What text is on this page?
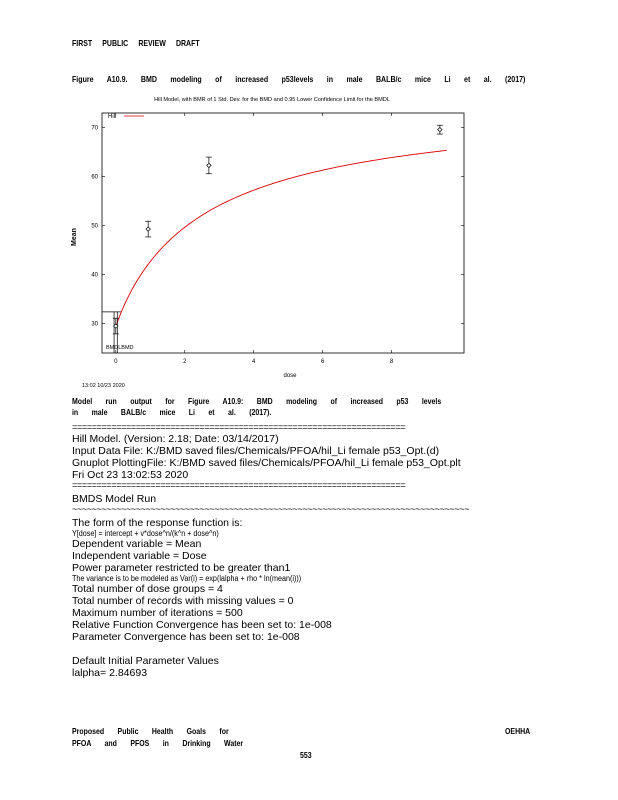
FIRST PUBLIC REVIEW DRAFT
Figure A10.9. BMD modeling of increased p53levels in male BALB/c mice Li et al. (2017)
Hill Model, with BMR of 1 Std. Dev. for the BMD and 0.95 Lower Confidence Limit for the BMDL
Hill
30
40
50
60
70
0	2	4	6	8
Mean
dose
BMDLBMD
13:02 10/23 2020
Model run output for Figure A10.9: BMD modeling of increased p53 levels in male BALB/c mice Li et al. (2017).
====================================================================
Hill Model. (Version: 2.18; Date: 03/14/2017)
Input Data File: K:/BMD saved files/Chemicals/PFOA/hil_Li female p53_Opt.(d)
Gnuplot PlottingFile: K:/BMD saved files/Chemicals/PFOA/hil_Li female p53_Opt.plt
Fri Oct 23 13:02:53 2020
====================================================================
BMDS Model Run
~~~~~~~~~~~~~~~~~~~~~~~~~~~~~~~~~~~~~~~~~~~~~~~~~~~~~~~~~~~~~~~~~~~~~~~~~~~~~~~~~
The form of the response function is:
Y[dose] = intercept + v*dose^n/(k^n + dose^n)
Dependent variable = Mean
Independent variable = Dose
Power parameter restricted to be greater than1
The variance is to be modeled as Var(i) = exp(lalpha + rho * ln(mean(i)))
Total number of dose groups = 4
Total number of records with missing values = 0
Maximum number of iterations = 500
Relative Function Convergence has been set to: 1e-008
Parameter Convergence has been set to: 1e-008
Default Initial Parameter Values
lalpha= 2.84693
Proposed Public Health Goals for
PFOA and PFOS in Drinking Water
OEHHA
553
